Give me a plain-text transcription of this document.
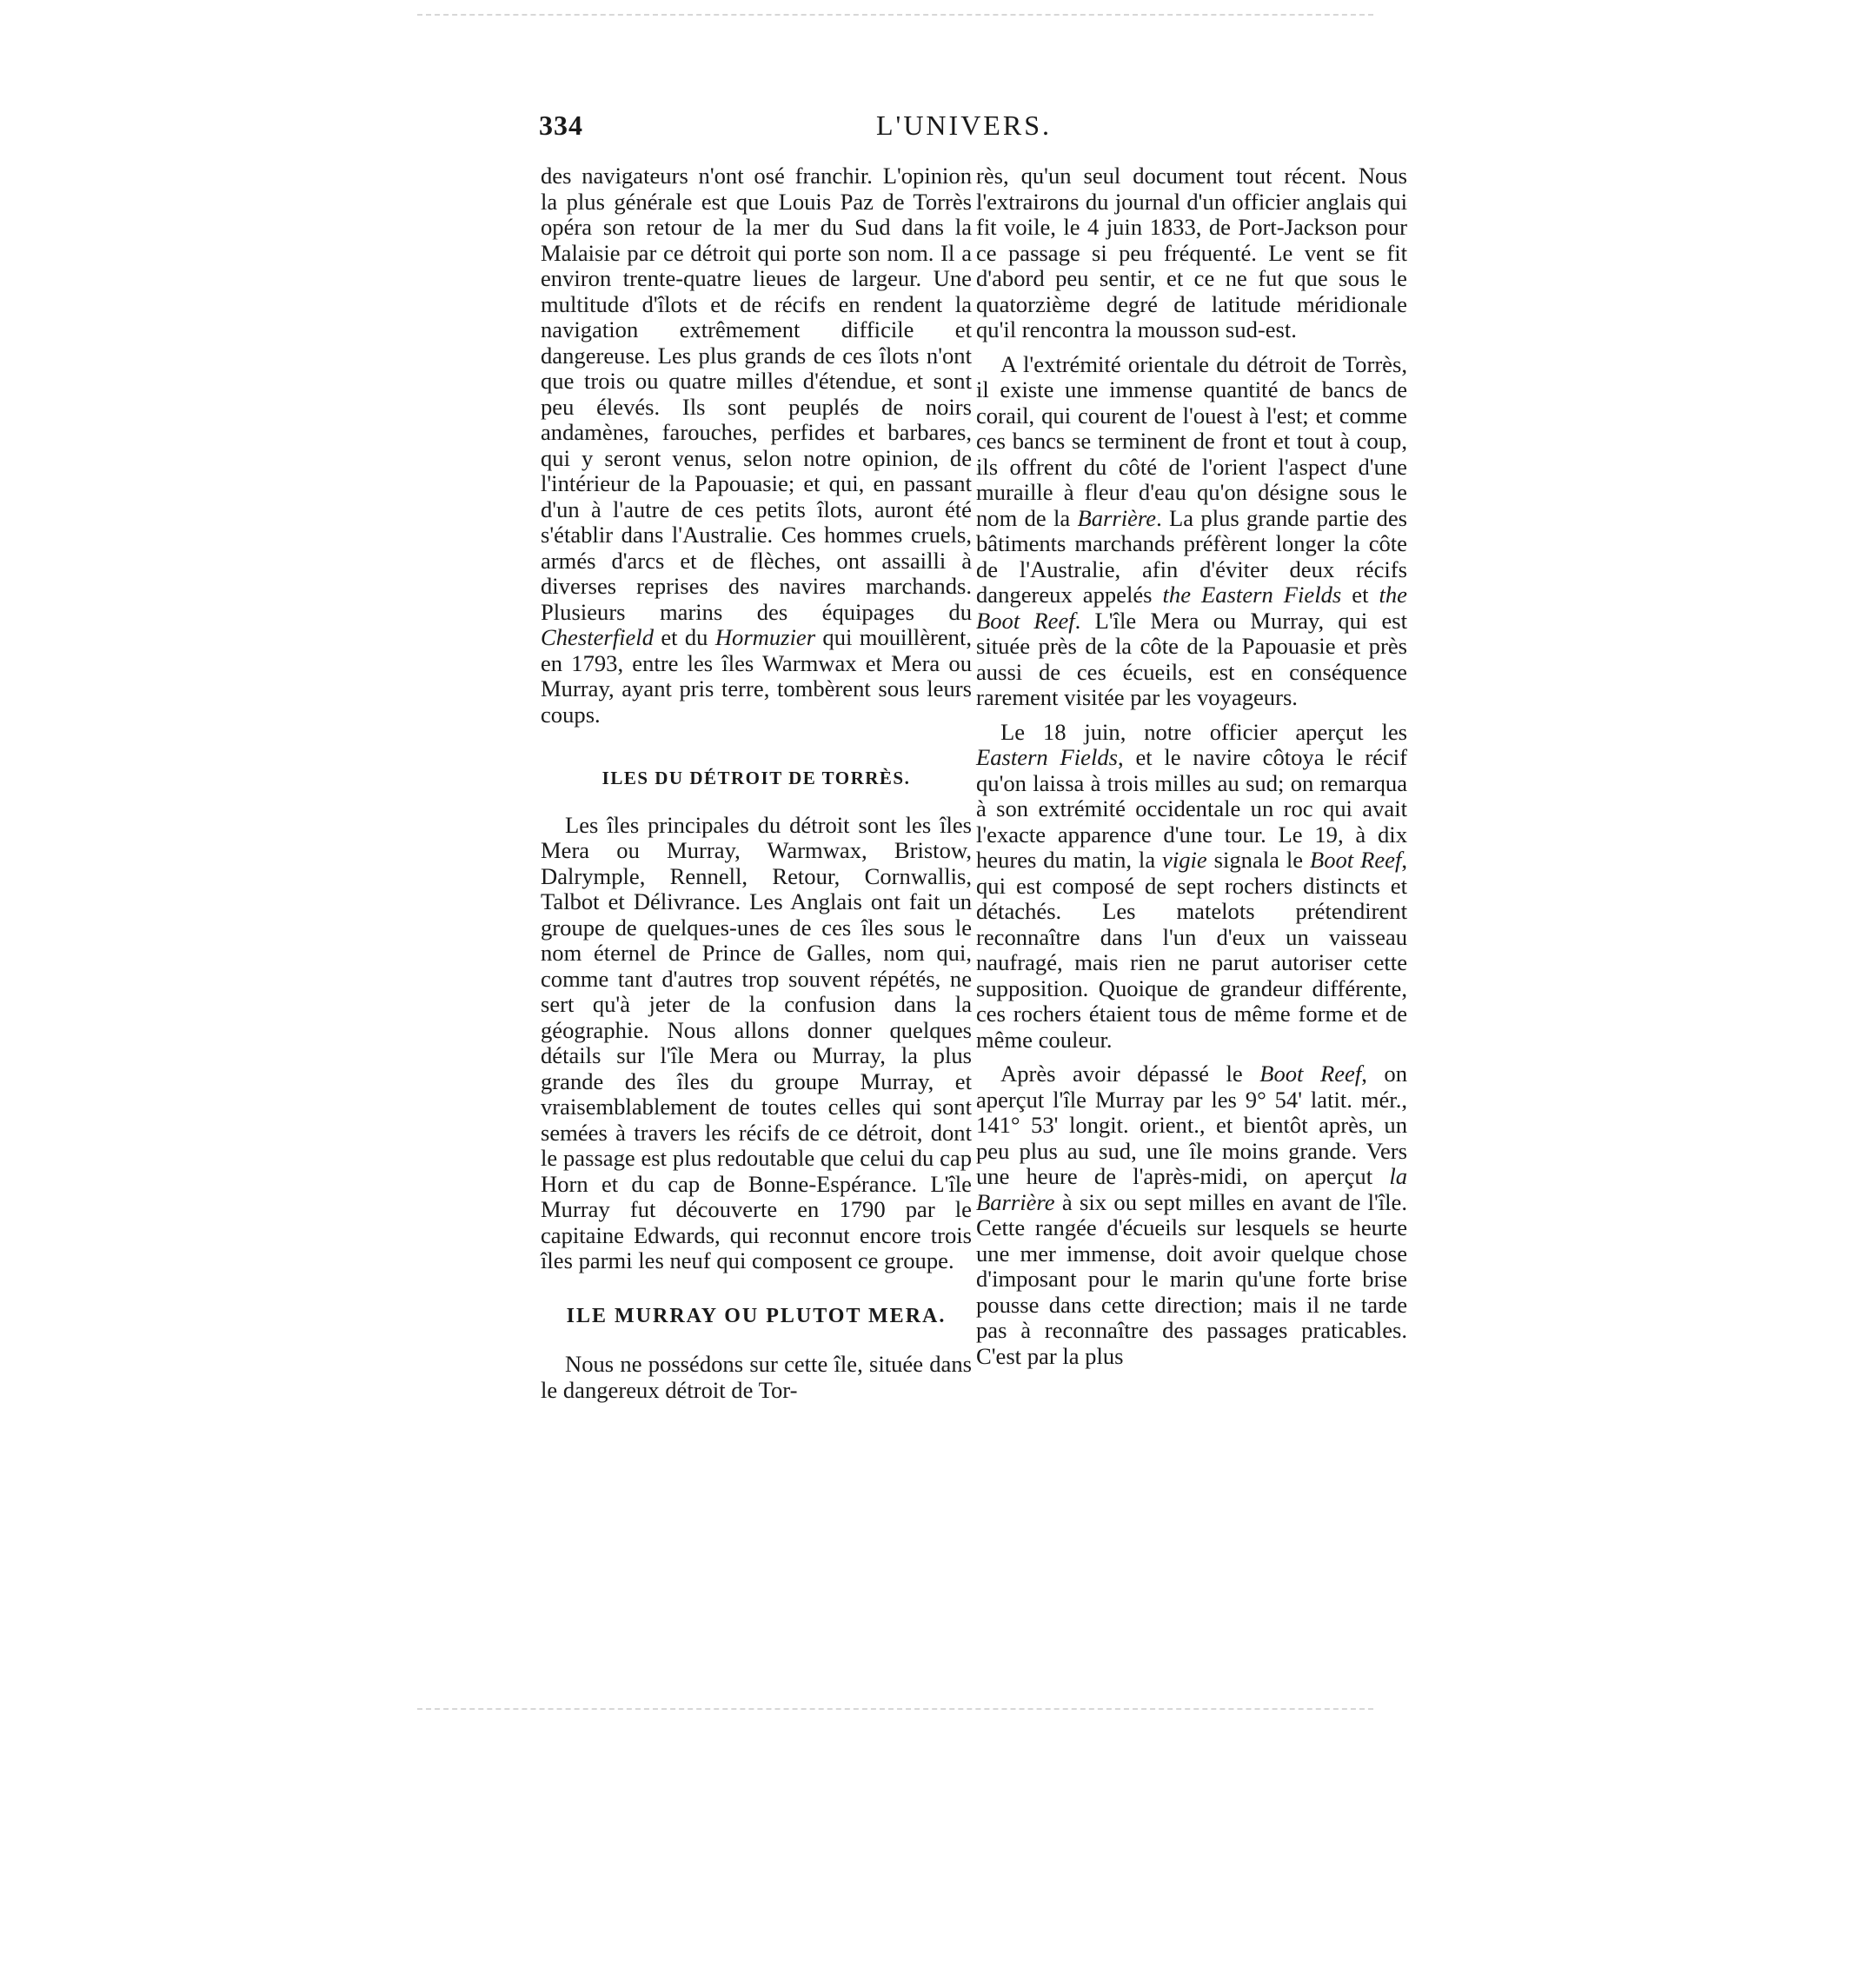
334	L'UNIVERS.

des navigateurs n'ont osé franchir. L'opinion la plus générale est que Louis Paz de Torrès opéra son retour de la mer du Sud dans la Malaisie par ce détroit qui porte son nom. Il a environ trente-quatre lieues de largeur. Une multitude d'îlots et de récifs en rendent la navigation extrêmement difficile et dangereuse. Les plus grands de ces îlots n'ont que trois ou quatre milles d'étendue, et sont peu élevés. Ils sont peuplés de noirs andamènes, farouches, perfides et barbares, qui y seront venus, selon notre opinion, de l'intérieur de la Papouasie; et qui, en passant d'un à l'autre de ces petits îlots, auront été s'établir dans l'Australie. Ces hommes cruels, armés d'arcs et de flèches, ont assailli à diverses reprises des navires marchands. Plusieurs marins des équipages du Chesterfield et du Hormuzier qui mouillèrent, en 1793, entre les îles Warmwax et Mera ou Murray, ayant pris terre, tombèrent sous leurs coups.

ILES DU DÉTROIT DE TORRÈS.

Les îles principales du détroit sont les îles Mera ou Murray, Warmwax, Bristow, Dalrymple, Rennell, Retour, Cornwallis, Talbot et Délivrance. Les Anglais ont fait un groupe de quelques-unes de ces îles sous le nom éternel de Prince de Galles, nom qui, comme tant d'autres trop souvent répétés, ne sert qu'à jeter de la confusion dans la géographie. Nous allons donner quelques détails sur l'île Mera ou Murray, la plus grande des îles du groupe Murray, et vraisemblablement de toutes celles qui sont semées à travers les récifs de ce détroit, dont le passage est plus redoutable que celui du cap Horn et du cap de Bonne-Espérance. L'île Murray fut découverte en 1790 par le capitaine Edwards, qui reconnut encore trois îles parmi les neuf qui composent ce groupe.

ILE MURRAY OU PLUTOT MERA.

Nous ne possédons sur cette île, située dans le dangereux détroit de Tor-

rès, qu'un seul document tout récent. Nous l'extrairons du journal d'un officier anglais qui fit voile, le 4 juin 1833, de Port-Jackson pour ce passage si peu fréquenté. Le vent se fit d'abord peu sentir, et ce ne fut que sous le quatorzième degré de latitude méridionale qu'il rencontra la mousson sud-est.

A l'extrémité orientale du détroit de Torrès, il existe une immense quantité de bancs de corail, qui courent de l'ouest à l'est; et comme ces bancs se terminent de front et tout à coup, ils offrent du côté de l'orient l'aspect d'une muraille à fleur d'eau qu'on désigne sous le nom de la Barrière. La plus grande partie des bâtiments marchands préfèrent longer la côte de l'Australie, afin d'éviter deux récifs dangereux appelés the Eastern Fields et the Boot Reef. L'île Mera ou Murray, qui est située près de la côte de la Papouasie et près aussi de ces écueils, est en conséquence rarement visitée par les voyageurs.

Le 18 juin, notre officier aperçut les Eastern Fields, et le navire côtoya le récif qu'on laissa à trois milles au sud; on remarqua à son extrémité occidentale un roc qui avait l'exacte apparence d'une tour. Le 19, à dix heures du matin, la vigie signala le Boot Reef, qui est composé de sept rochers distincts et détachés. Les matelots prétendirent reconnaître dans l'un d'eux un vaisseau naufragé, mais rien ne parut autoriser cette supposition. Quoique de grandeur différente, ces rochers étaient tous de même forme et de même couleur.

Après avoir dépassé le Boot Reef, on aperçut l'île Murray par les 9° 54' latit. mér., 141° 53' longit. orient., et bientôt après, un peu plus au sud, une île moins grande. Vers une heure de l'après-midi, on aperçut la Barrière à six ou sept milles en avant de l'île. Cette rangée d'écueils sur lesquels se heurte une mer immense, doit avoir quelque chose d'imposant pour le marin qu'une forte brise pousse dans cette direction; mais il ne tarde pas à reconnaître des passages praticables. C'est par la plus
